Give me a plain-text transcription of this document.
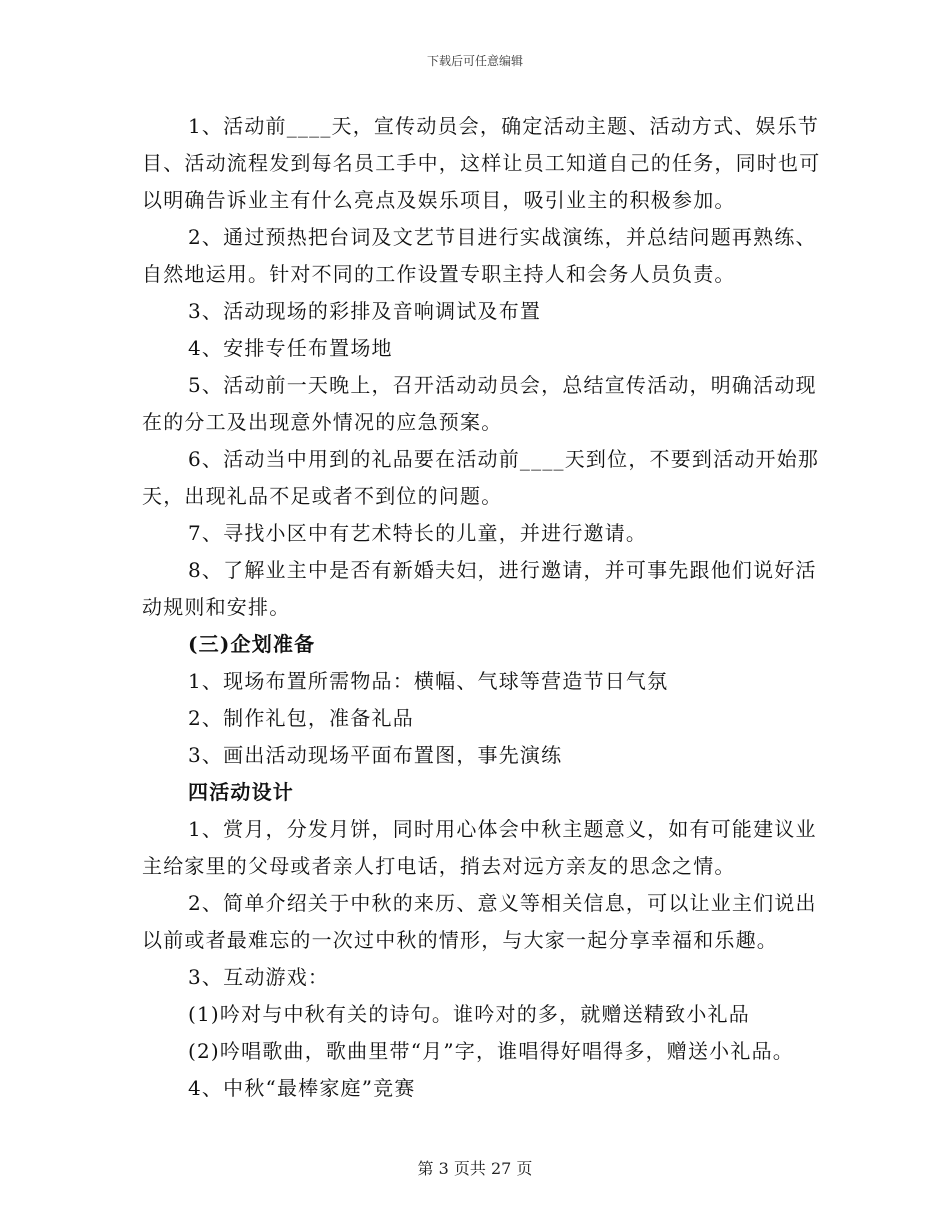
下载后可任意编辑

1、活动前____天，宣传动员会，确定活动主题、活动方式、娱乐节目、活动流程发到每名员工手中，这样让员工知道自己的任务，同时也可以明确告诉业主有什么亮点及娱乐项目，吸引业主的积极参加。

2、通过预热把台词及文艺节目进行实战演练，并总结问题再熟练、自然地运用。针对不同的工作设置专职主持人和会务人员负责。

3、活动现场的彩排及音响调试及布置

4、安排专任布置场地

5、活动前一天晚上，召开活动动员会，总结宣传活动，明确活动现在的分工及出现意外情况的应急预案。

6、活动当中用到的礼品要在活动前____天到位，不要到活动开始那天，出现礼品不足或者不到位的问题。

7、寻找小区中有艺术特长的儿童，并进行邀请。

8、了解业主中是否有新婚夫妇，进行邀请，并可事先跟他们说好活动规则和安排。

(三)企划准备

1、现场布置所需物品：横幅、气球等营造节日气氛

2、制作礼包，准备礼品

3、画出活动现场平面布置图，事先演练

四活动设计

1、赏月，分发月饼，同时用心体会中秋主题意义，如有可能建议业主给家里的父母或者亲人打电话，捎去对远方亲友的思念之情。

2、简单介绍关于中秋的来历、意义等相关信息，可以让业主们说出以前或者最难忘的一次过中秋的情形，与大家一起分享幸福和乐趣。

3、互动游戏：

(1)吟对与中秋有关的诗句。谁吟对的多，就赠送精致小礼品

(2)吟唱歌曲，歌曲里带“月”字，谁唱得好唱得多，赠送小礼品。

4、中秋“最棒家庭”竞赛

第 3 页共 27 页
